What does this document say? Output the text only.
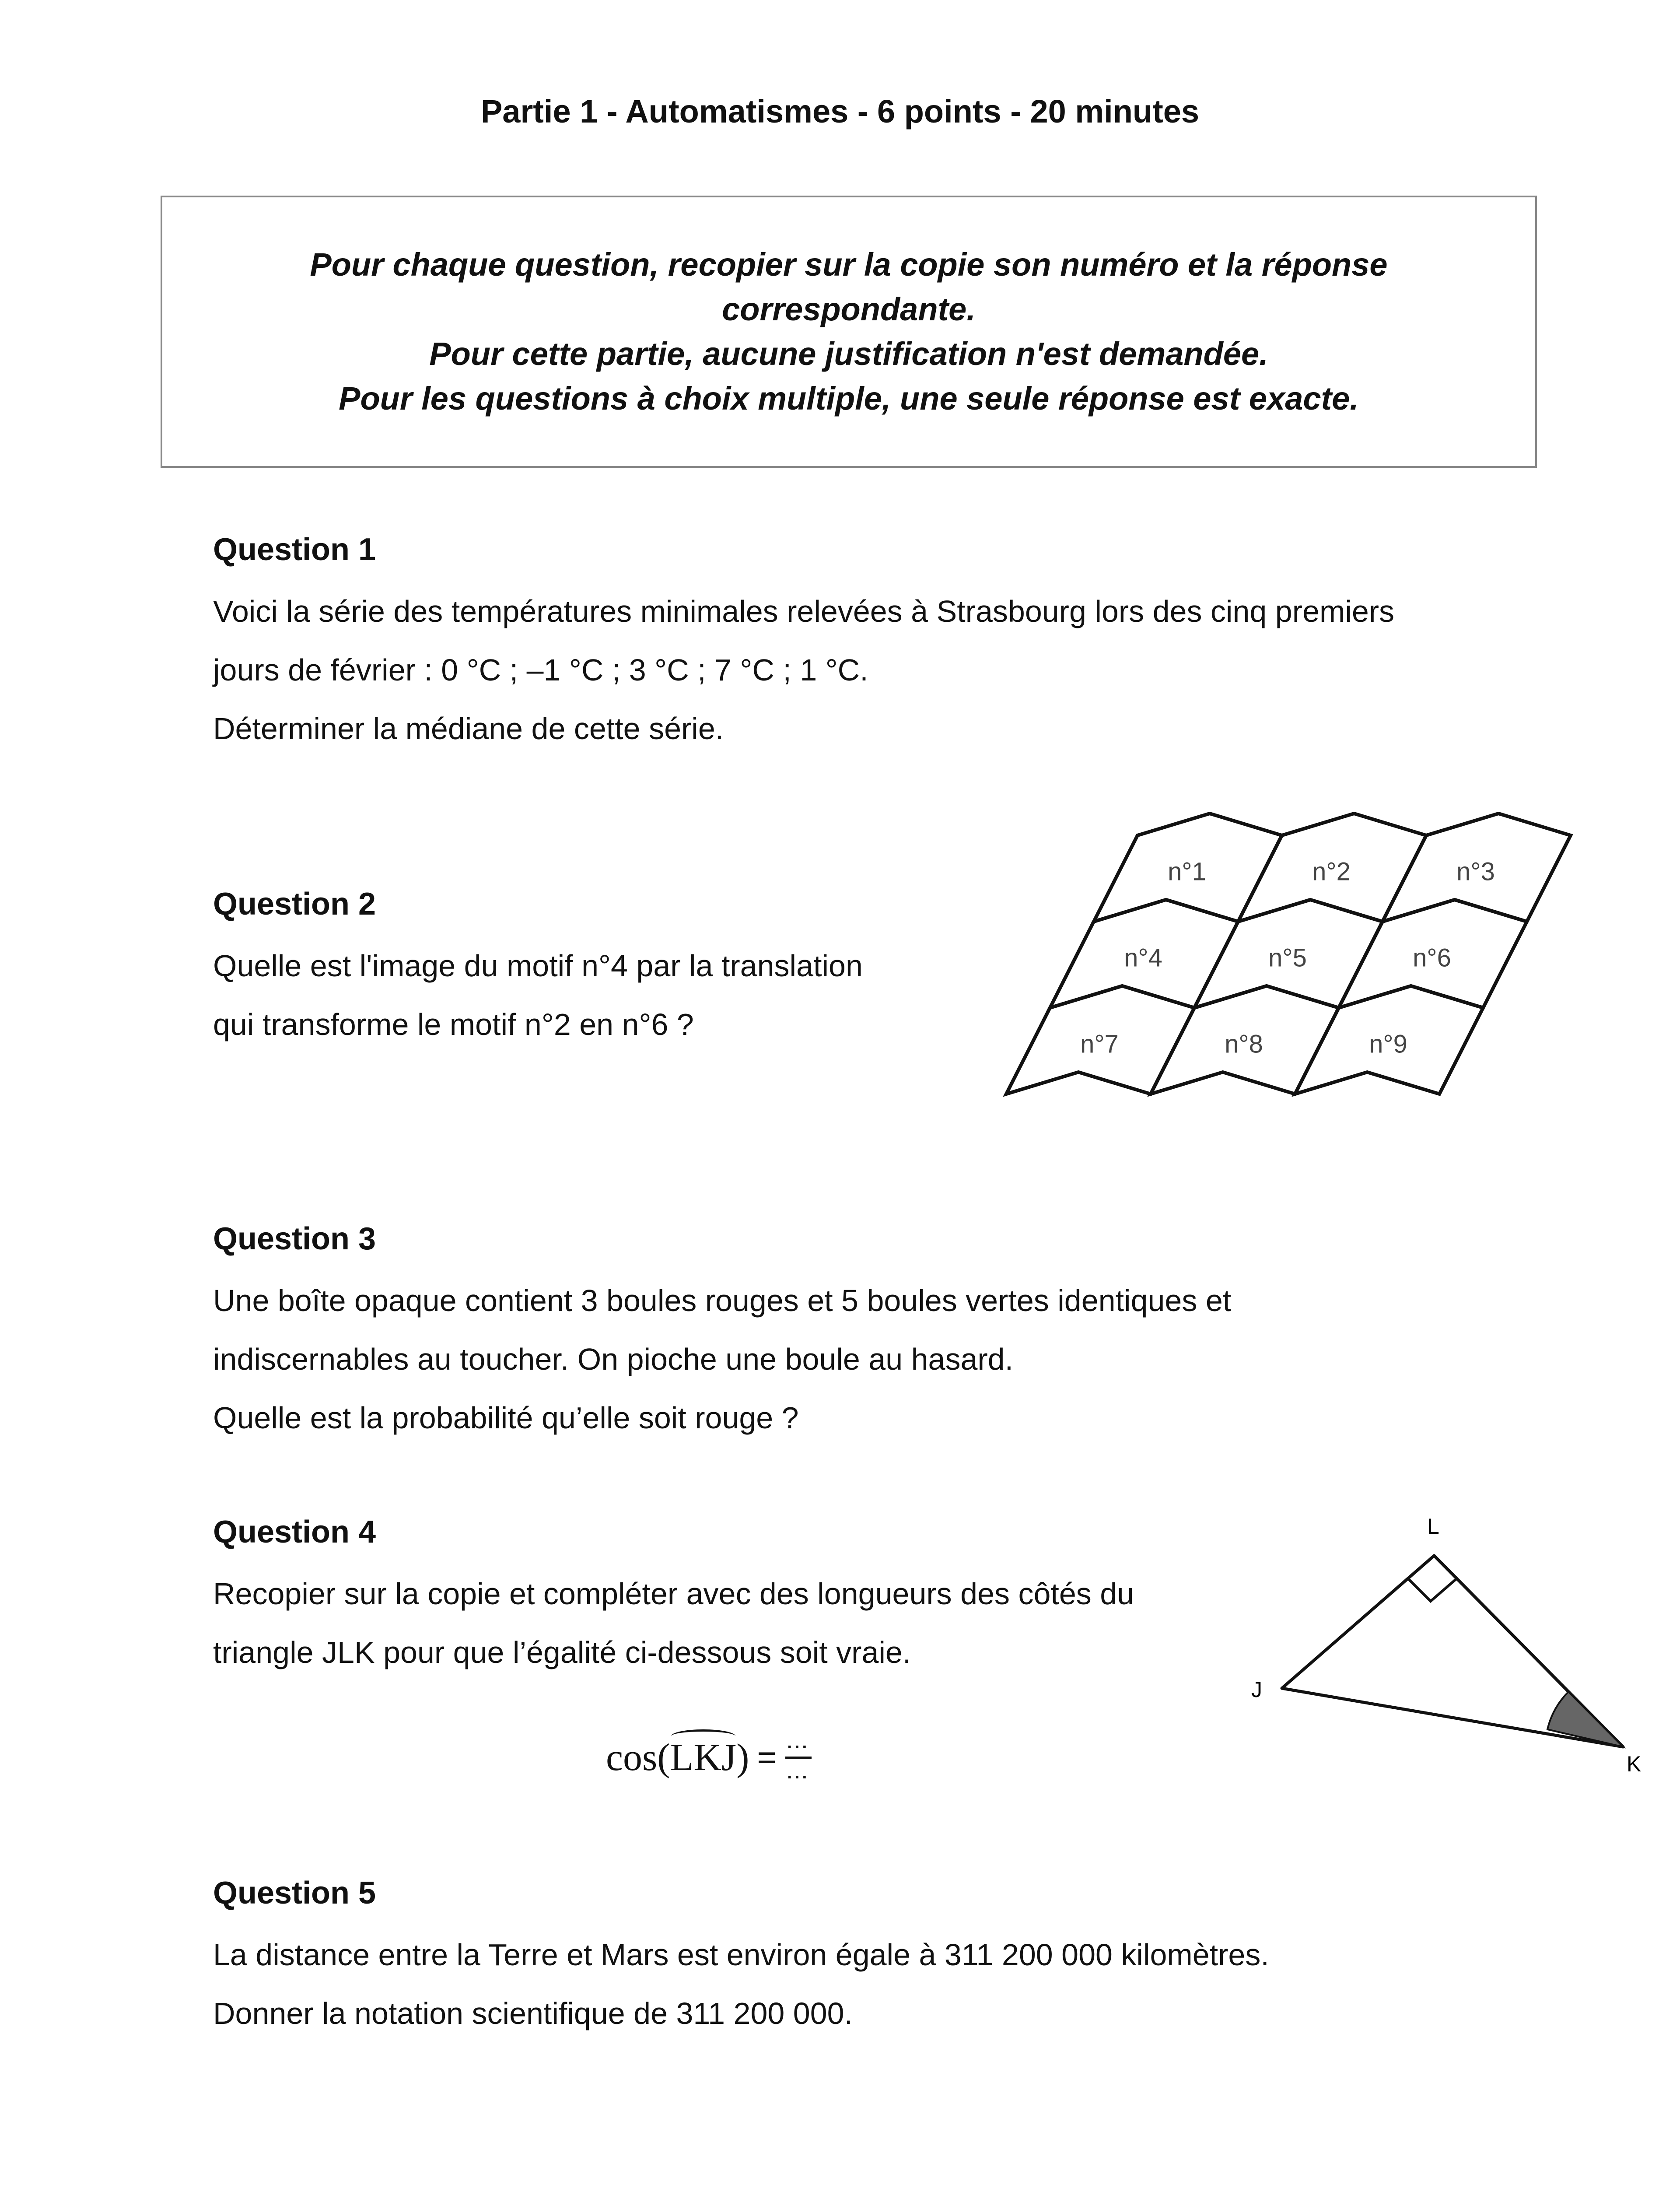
Partie 1 - Automatismes - 6 points - 20 minutes
Pour chaque question, recopier sur la copie son numéro et la réponse
correspondante.
Pour cette partie, aucune justification n'est demandée.
Pour les questions à choix multiple, une seule réponse est exacte.
Question 1
Voici la série des températures minimales relevées à Strasbourg lors des cinq premiers
jours de février : 0 °C ; –1 °C ; 3 °C ; 7 °C ; 1 °C.
Déterminer la médiane de cette série.
Question 2
Quelle est l'image du motif n°4 par la translation
qui transforme le motif n°2 en n°6 ?
n°7	n°8	n°9
n°4	n°5	n°6
n°1	n°2	n°3
Question 3
Une boîte opaque contient 3 boules rouges et 5 boules vertes identiques et
indiscernables au toucher. On pioche une boule au hasard.
Quelle est la probabilité qu’elle soit rouge ?
Question 4
Recopier sur la copie et compléter avec des longueurs des côtés du
triangle JLK pour que l’égalité ci-dessous soit vraie.
cos( LKJ ) = ...
...
L
J
K
Question 5
La distance entre la Terre et Mars est environ égale à 311 200 000 kilomètres.
Donner la notation scientifique de 311 200 000.
